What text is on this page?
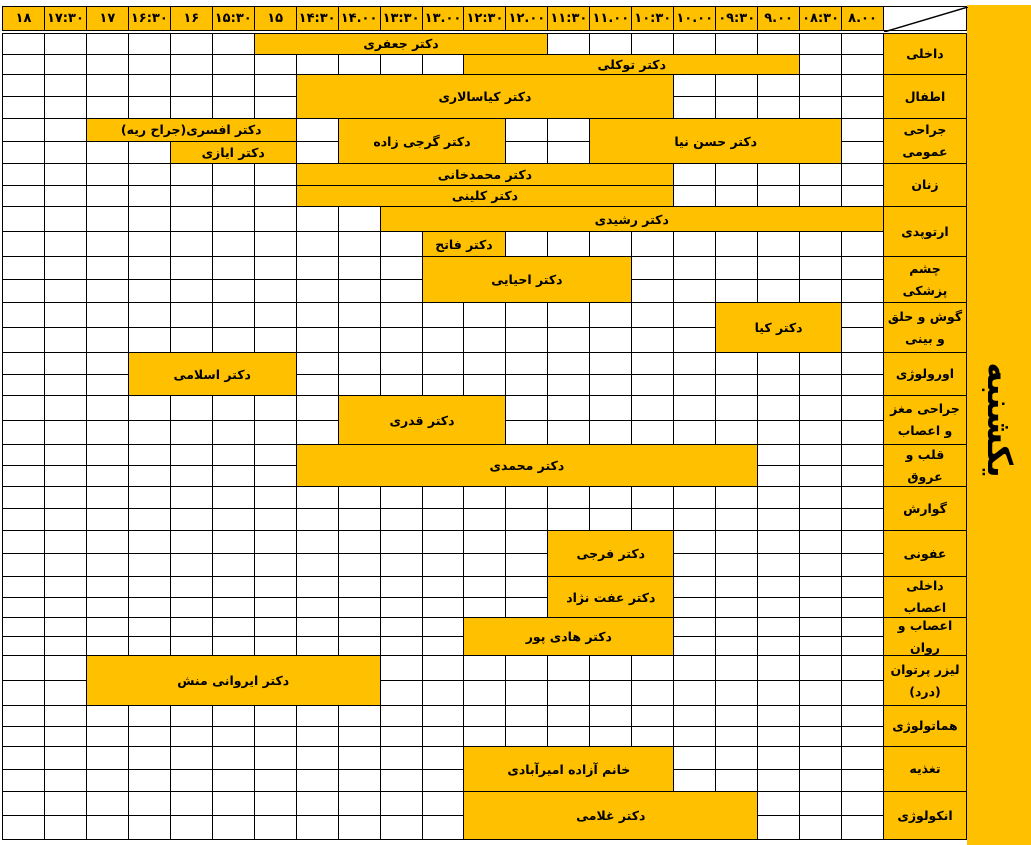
یکشنبه
۸.۰۰
۰۸:۳۰
۹.۰۰
۰۹:۳۰
۱۰.۰۰
۱۰:۳۰
۱۱.۰۰
۱۱:۳۰
۱۲.۰۰
۱۲:۳۰
۱۳.۰۰
۱۳:۳۰
۱۴.۰۰
۱۴:۳۰
۱۵
۱۵:۳۰
۱۶
۱۶:۳۰
۱۷
۱۷:۳۰
۱۸
داخلی
دکتر جعفری
دکتر توکلی
اطفال
دکتر کیاسالاری
جراحی عمومی
دکتر حسن نیا
دکتر گرجی زاده
دکتر افسری(جراح ریه)
دکتر ایازی
زنان
دکتر محمدخانی
دکتر کلینی
ارتوپدی
دکتر رشیدی
دکتر فاتح
چشم پزشکی
دکتر احیایی
گوش و حلق و بینی
دکتر کیا
اورولوژی
دکتر اسلامی
جراحی مغز و اعصاب
دکتر قدری
قلب و عروق
دکتر محمدی
گوارش
عفونی
دکتر فرجی
داخلی اعصاب
دکتر عفت نژاد
اعصاب و روان
دکتر هادی پور
لیزر پرتوان (درد)
دکتر ایروانی منش
هماتولوژی
تغذیه
خانم آزاده امیرآبادی
انکولوژی
دکتر غلامی
